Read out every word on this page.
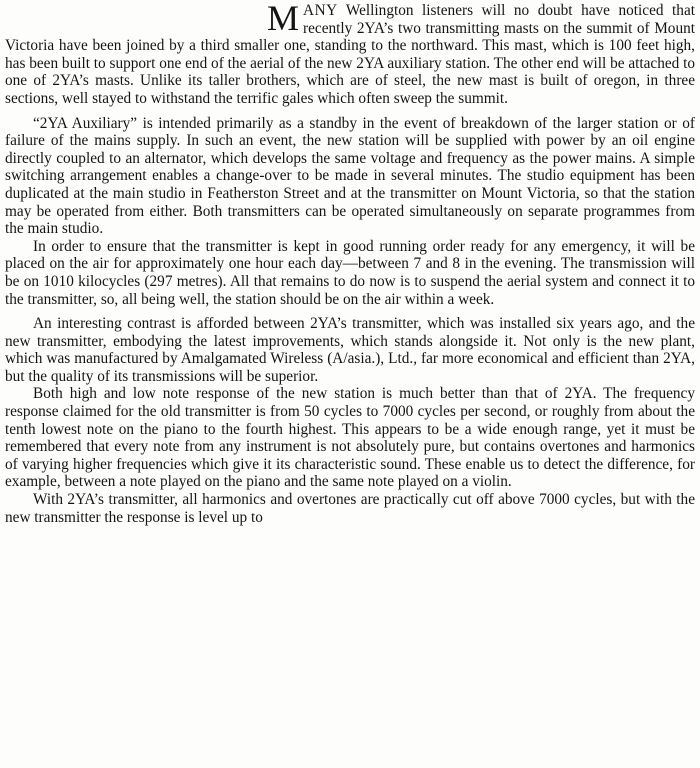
MANY Wellington listeners will no doubt have noticed that recently 2YA’s two transmitting masts on the summit of Mount Victoria have been joined by a third smaller one, standing to the northward. This mast, which is 100 feet high, has been built to support one end of the aerial of the new 2YA auxiliary station. The other end will be attached to one of 2YA’s masts. Unlike its taller brothers, which are of steel, the new mast is built of oregon, in three sections, well stayed to withstand the terrific gales which often sweep the summit.

“2YA Auxiliary” is intended primarily as a standby in the event of breakdown of the larger station or of failure of the mains supply. In such an event, the new station will be supplied with power by an oil engine directly coupled to an alternator, which develops the same voltage and frequency as the power mains. A simple switching arrangement enables a change-over to be made in several minutes. The studio equipment has been duplicated at the main studio in Featherston Street and at the transmitter on Mount Victoria, so that the station may be operated from either. Both transmitters can be operated simultaneously on separate programmes from the main studio.

In order to ensure that the transmitter is kept in good running order ready for any emergency, it will be placed on the air for approximately one hour each day—between 7 and 8 in the evening. The transmission will be on 1010 kilocycles (297 metres). All that remains to do now is to suspend the aerial system and connect it to the transmitter, so, all being well, the station should be on the air within a week.

An interesting contrast is afforded between 2YA’s transmitter, which was installed six years ago, and the new transmitter, embodying the latest improvements, which stands alongside it. Not only is the new plant, which was manufactured by Amalgamated Wireless (A/asia.), Ltd., far more economical and efficient than 2YA, but the quality of its transmissions will be superior.

Both high and low note response of the new station is much better than that of 2YA. The frequency response claimed for the old transmitter is from 50 cycles to 7000 cycles per second, or roughly from about the tenth lowest note on the piano to the fourth highest. This appears to be a wide enough range, yet it must be remembered that every note from any instrument is not absolutely pure, but contains overtones and harmonics of varying higher frequencies which give it its characteristic sound. These enable us to detect the difference, for example, between a note played on the piano and the same note played on a violin.

With 2YA’s transmitter, all harmonics and overtones are practically cut off above 7000 cycles, but with the new transmitter the response is level up to
